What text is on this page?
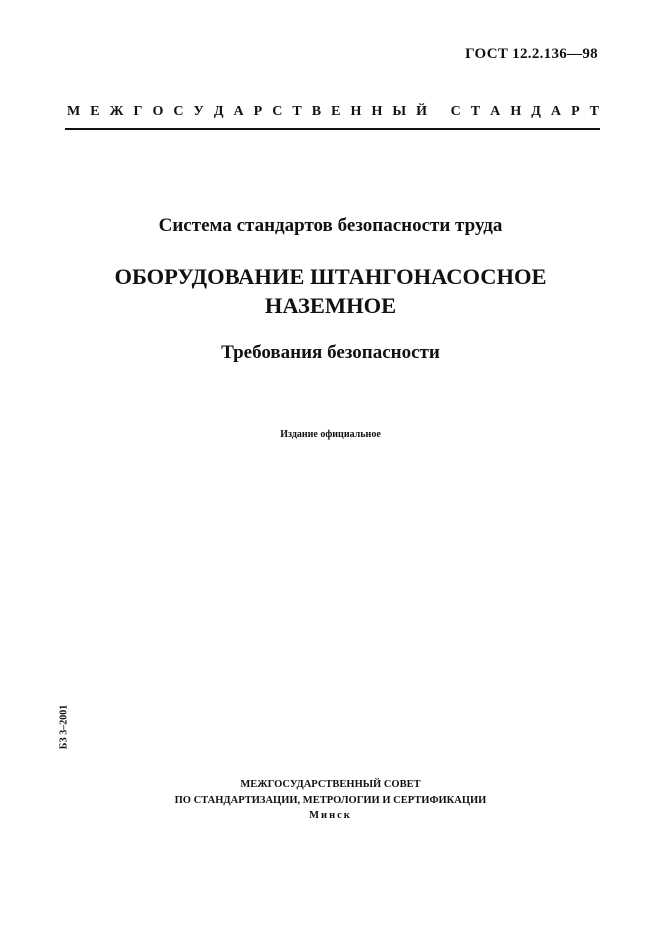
ГОСТ 12.2.136—98
М Е Ж Г О С У Д А Р С Т В Е Н Н Ы Й
С Т А Н Д А Р Т
Система стандартов безопасности труда
ОБОРУДОВАНИЕ ШТАНГОНАСОСНОЕ
НАЗЕМНОЕ
Требования безопасности
Издание официальное
БЗ 3–2001
МЕЖГОСУДАРСТВЕННЫЙ СОВЕТ
ПО СТАНДАРТИЗАЦИИ, МЕТРОЛОГИИ И СЕРТИФИКАЦИИ
Минск
